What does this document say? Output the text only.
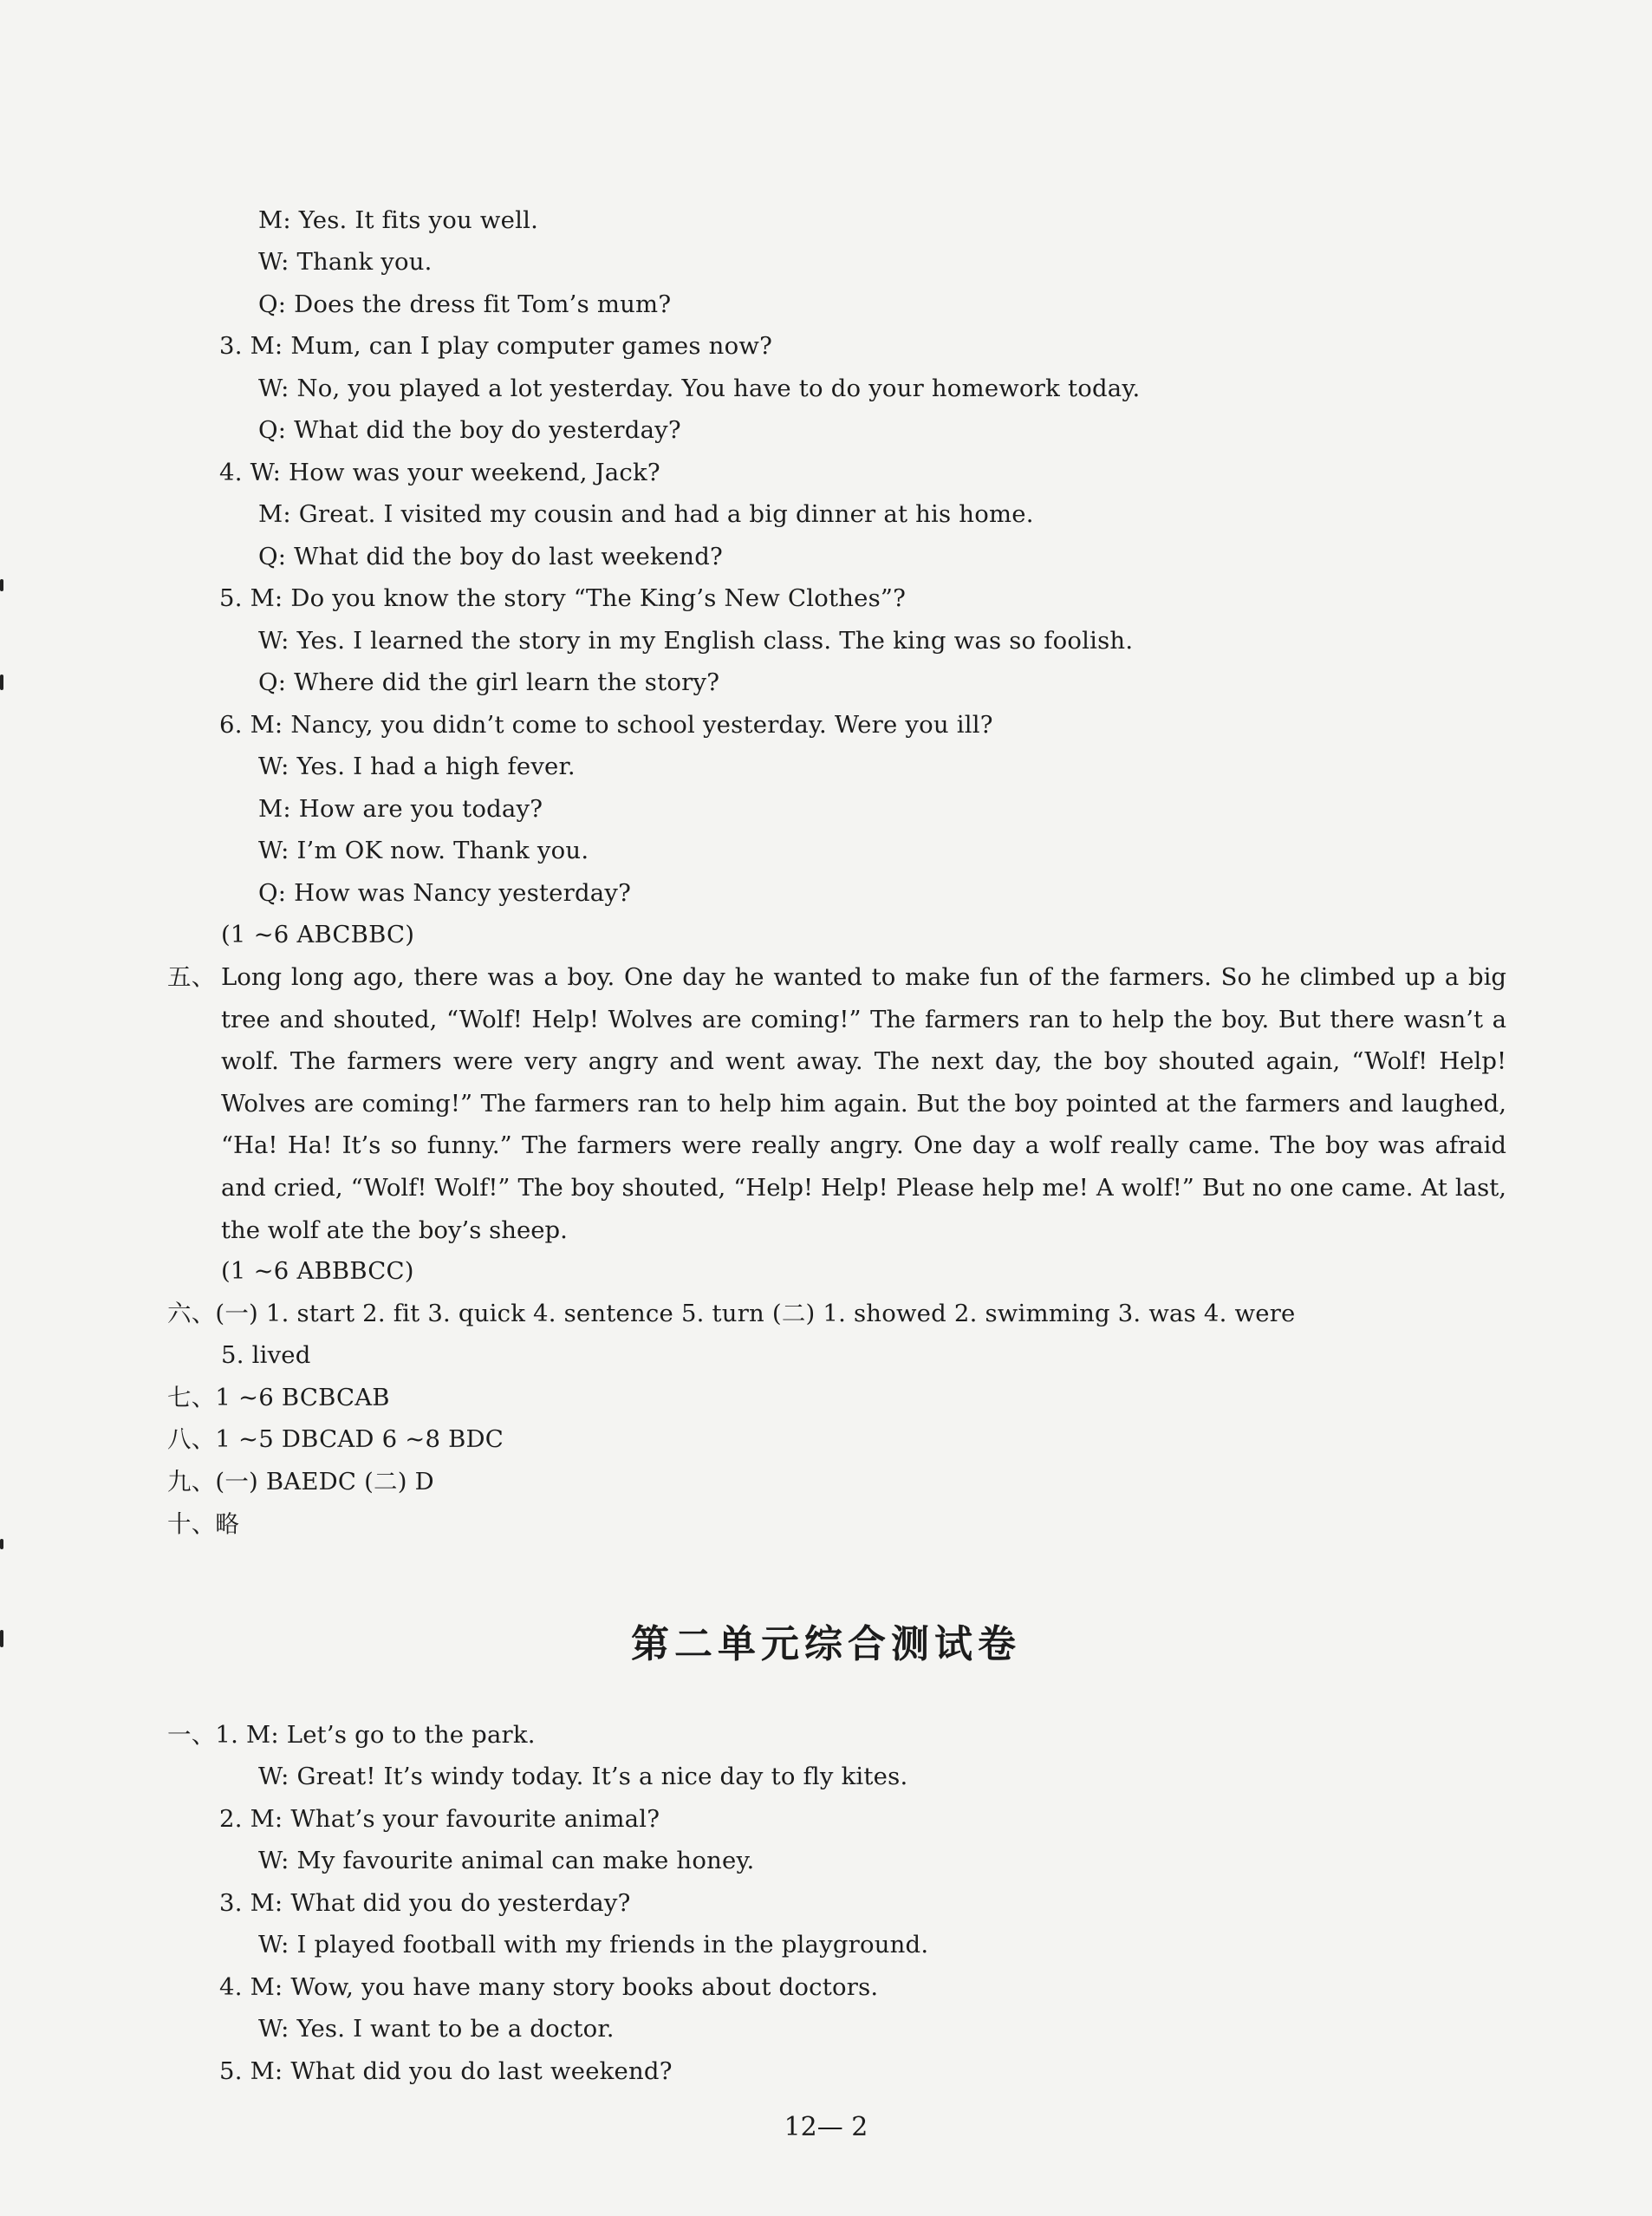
M: Yes. It fits you well.
W: Thank you.
Q: Does the dress fit Tom’s mum?
3. M: Mum, can I play computer games now?
W: No, you played a lot yesterday. You have to do your homework today.
Q: What did the boy do yesterday?
4. W: How was your weekend, Jack?
M: Great. I visited my cousin and had a big dinner at his home.
Q: What did the boy do last weekend?
5. M: Do you know the story “The King’s New Clothes”?
W: Yes. I learned the story in my English class. The king was so foolish.
Q: Where did the girl learn the story?
6. M: Nancy, you didn’t come to school yesterday. Were you ill?
W: Yes. I had a high fever.
M: How are you today?
W: I’m OK now. Thank you.
Q: How was Nancy yesterday?
(1 ~6 ABCBBC)
五、 Long long ago, there was a boy. One day he wanted to make fun of the farmers. So he climbed up a big tree and shouted, “Wolf! Help! Wolves are coming!” The farmers ran to help the boy. But there wasn’t a wolf. The farmers were very angry and went away. The next day, the boy shouted again, “Wolf! Help! Wolves are coming!” The farmers ran to help him again. But the boy pointed at the farmers and laughed, “Ha! Ha! It’s so funny.” The farmers were really angry. One day a wolf really came. The boy was afraid and cried, “Wolf! Wolf!” The boy shouted, “Help! Help! Please help me! A wolf!” But no one came. At last, the wolf ate the boy’s sheep.
(1 ~6 ABBBCC)
六、(一) 1. start 2. fit 3. quick 4. sentence 5. turn (二) 1. showed 2. swimming 3. was 4. were
5. lived
七、1 ~6 BCBCAB
八、1 ~5 DBCAD 6 ~8 BDC
九、(一) BAEDC (二) D
十、略
第二单元综合测试卷
一、1. M: Let’s go to the park.
W: Great! It’s windy today. It’s a nice day to fly kites.
2. M: What’s your favourite animal?
W: My favourite animal can make honey.
3. M: What did you do yesterday?
W: I played football with my friends in the playground.
4. M: Wow, you have many story books about doctors.
W: Yes. I want to be a doctor.
5. M: What did you do last weekend?
12— 2
